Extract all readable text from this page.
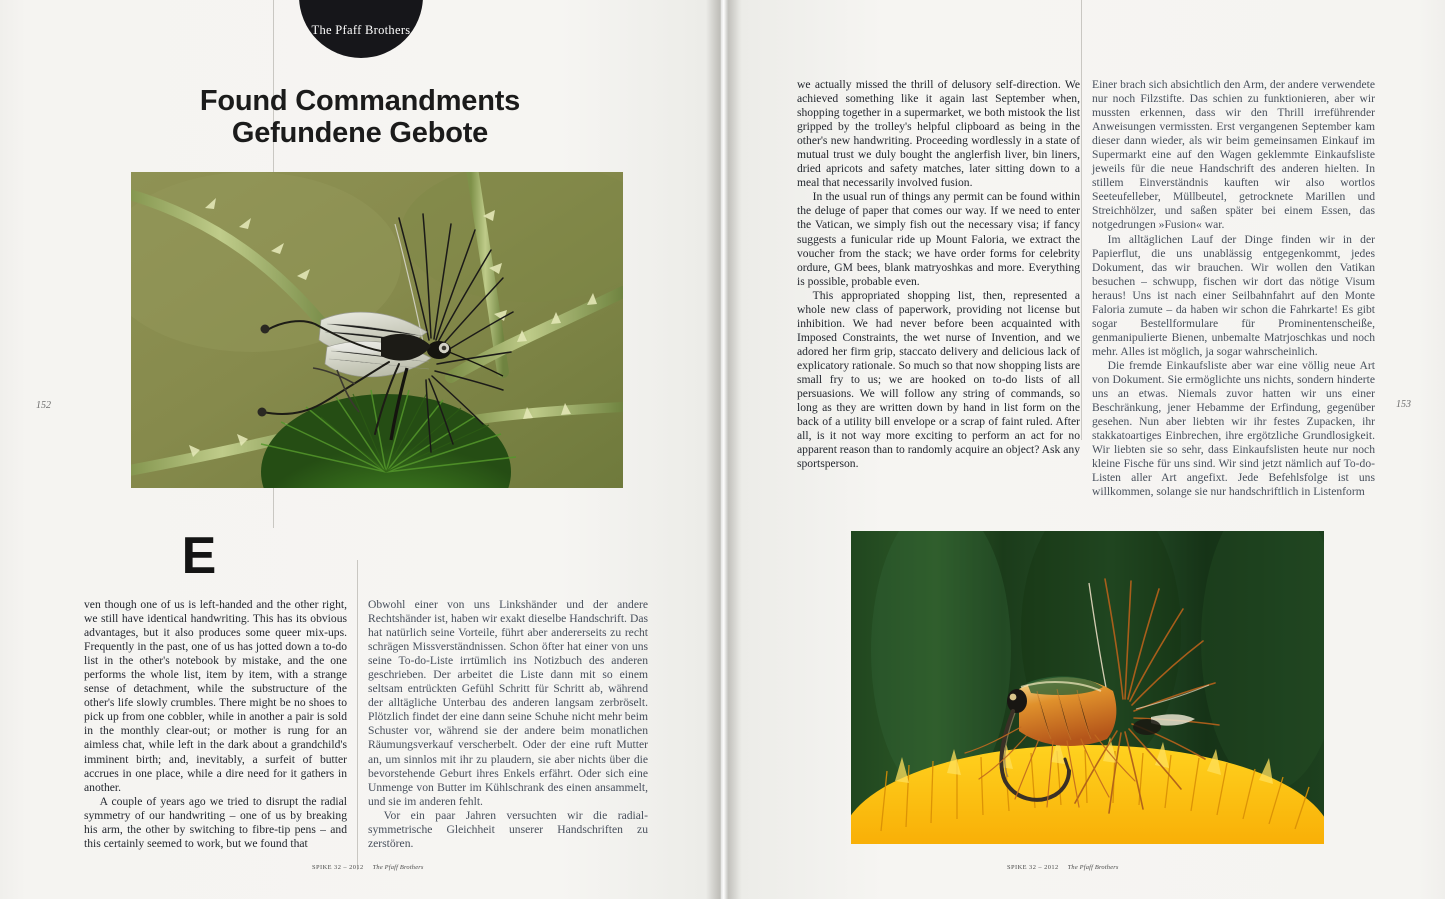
The Pfaff Brothers
Found Commandments
Gefundene Gebote
E

ven though one of us is left-handed and the other right, we still have identical handwriting. This has its obvious advantages, but it also produces some queer mix-ups. Frequently in the past, one of us has jotted down a to-do list in the other's notebook by mistake, and the one performs the whole list, item by item, with a strange sense of detachment, while the substructure of the other's life slowly crumbles. There might be no shoes to pick up from one cobbler, while in another a pair is sold in the monthly clear-out; or mother is rung for an aimless chat, while left in the dark about a grandchild's imminent birth; and, inevitably, a surfeit of butter accrues in one place, while a dire need for it gathers in another.

A couple of years ago we tried to disrupt the radial symmetry of our handwriting – one of us by breaking his arm, the other by switching to fibre-tip pens – and this certainly seemed to work, but we found that

Obwohl einer von uns Linkshänder und der andere Rechtshänder ist, haben wir exakt dieselbe Handschrift. Das hat natürlich seine Vorteile, führt aber andererseits zu recht schrägen Missverständnissen. Schon öfter hat einer von uns seine To-do-Liste irrtümlich ins Notizbuch des anderen geschrieben. Der arbeitet die Liste dann mit so einem seltsam entrückten Gefühl Schritt für Schritt ab, während der alltägliche Unterbau des anderen langsam zerbröselt. Plötzlich findet der eine dann seine Schuhe nicht mehr beim Schuster vor, während sie der andere beim monatlichen Räumungsverkauf verscherbelt. Oder der eine ruft Mutter an, um sinnlos mit ihr zu plaudern, sie aber nichts über die bevorstehende Geburt ihres Enkels erfährt. Oder sich eine Unmenge von Butter im Kühlschrank des einen ansammelt, und sie im anderen fehlt.

Vor ein paar Jahren versuchten wir die radial-symmetrische Gleichheit unserer Handschriften zu zerstören.

152
SPIKE 32 – 2012 The Pfaff Brothers

we actually missed the thrill of delusory self-direction. We achieved something like it again last September when, shopping together in a supermarket, we both mistook the list gripped by the trolley's helpful clipboard as being in the other's new handwriting. Proceeding wordlessly in a state of mutual trust we duly bought the anglerfish liver, bin liners, dried apricots and safety matches, later sitting down to a meal that necessarily involved fusion.

In the usual run of things any permit can be found within the deluge of paper that comes our way. If we need to enter the Vatican, we simply fish out the necessary visa; if fancy suggests a funicular ride up Mount Faloria, we extract the voucher from the stack; we have order forms for celebrity ordure, GM bees, blank matryoshkas and more. Everything is possible, probable even.

This appropriated shopping list, then, represented a whole new class of paperwork, providing not license but inhibition. We had never before been acquainted with Imposed Constraints, the wet nurse of Invention, and we adored her firm grip, staccato delivery and delicious lack of explicatory rationale. So much so that now shopping lists are small fry to us; we are hooked on to-do lists of all persuasions. We will follow any string of commands, so long as they are written down by hand in list form on the back of a utility bill envelope or a scrap of faint ruled. After all, is it not way more exciting to perform an act for no apparent reason than to randomly acquire an object? Ask any sportsperson.

Einer brach sich absichtlich den Arm, der andere verwendete nur noch Filzstifte. Das schien zu funktionieren, aber wir mussten erkennen, dass wir den Thrill irreführender Anweisungen vermissten. Erst vergangenen September kam dieser dann wieder, als wir beim gemeinsamen Einkauf im Supermarkt eine auf den Wagen geklemmte Einkaufsliste jeweils für die neue Handschrift des anderen hielten. In stillem Einverständnis kauften wir also wortlos Seeteufelleber, Müllbeutel, getrocknete Marillen und Streichhölzer, und saßen später bei einem Essen, das notgedrungen »Fusion« war.

Im alltäglichen Lauf der Dinge finden wir in der Papierflut, die uns unablässig entgegenkommt, jedes Dokument, das wir brauchen. Wir wollen den Vatikan besuchen – schwupp, fischen wir dort das nötige Visum heraus! Uns ist nach einer Seilbahnfahrt auf den Monte Faloria zumute – da haben wir schon die Fahrkarte! Es gibt sogar Bestellformulare für Prominentenscheiße, genmanipulierte Bienen, unbemalte Matrjoschkas und noch mehr. Alles ist möglich, ja sogar wahrscheinlich.

Die fremde Einkaufsliste aber war eine völlig neue Art von Dokument. Sie ermöglichte uns nichts, sondern hinderte uns an etwas. Niemals zuvor hatten wir uns einer Beschränkung, jener Hebamme der Erfindung, gegenüber gesehen. Nun aber liebten wir ihr festes Zupacken, ihr stakkatoartiges Einbrechen, ihre ergötzliche Grundlosigkeit. Wir liebten sie so sehr, dass Einkaufslisten heute nur noch kleine Fische für uns sind. Wir sind jetzt nämlich auf To-do-Listen aller Art angefixt. Jede Befehlsfolge ist uns willkommen, solange sie nur handschriftlich in Listenform

153
SPIKE 32 – 2012 The Pfaff Brothers
